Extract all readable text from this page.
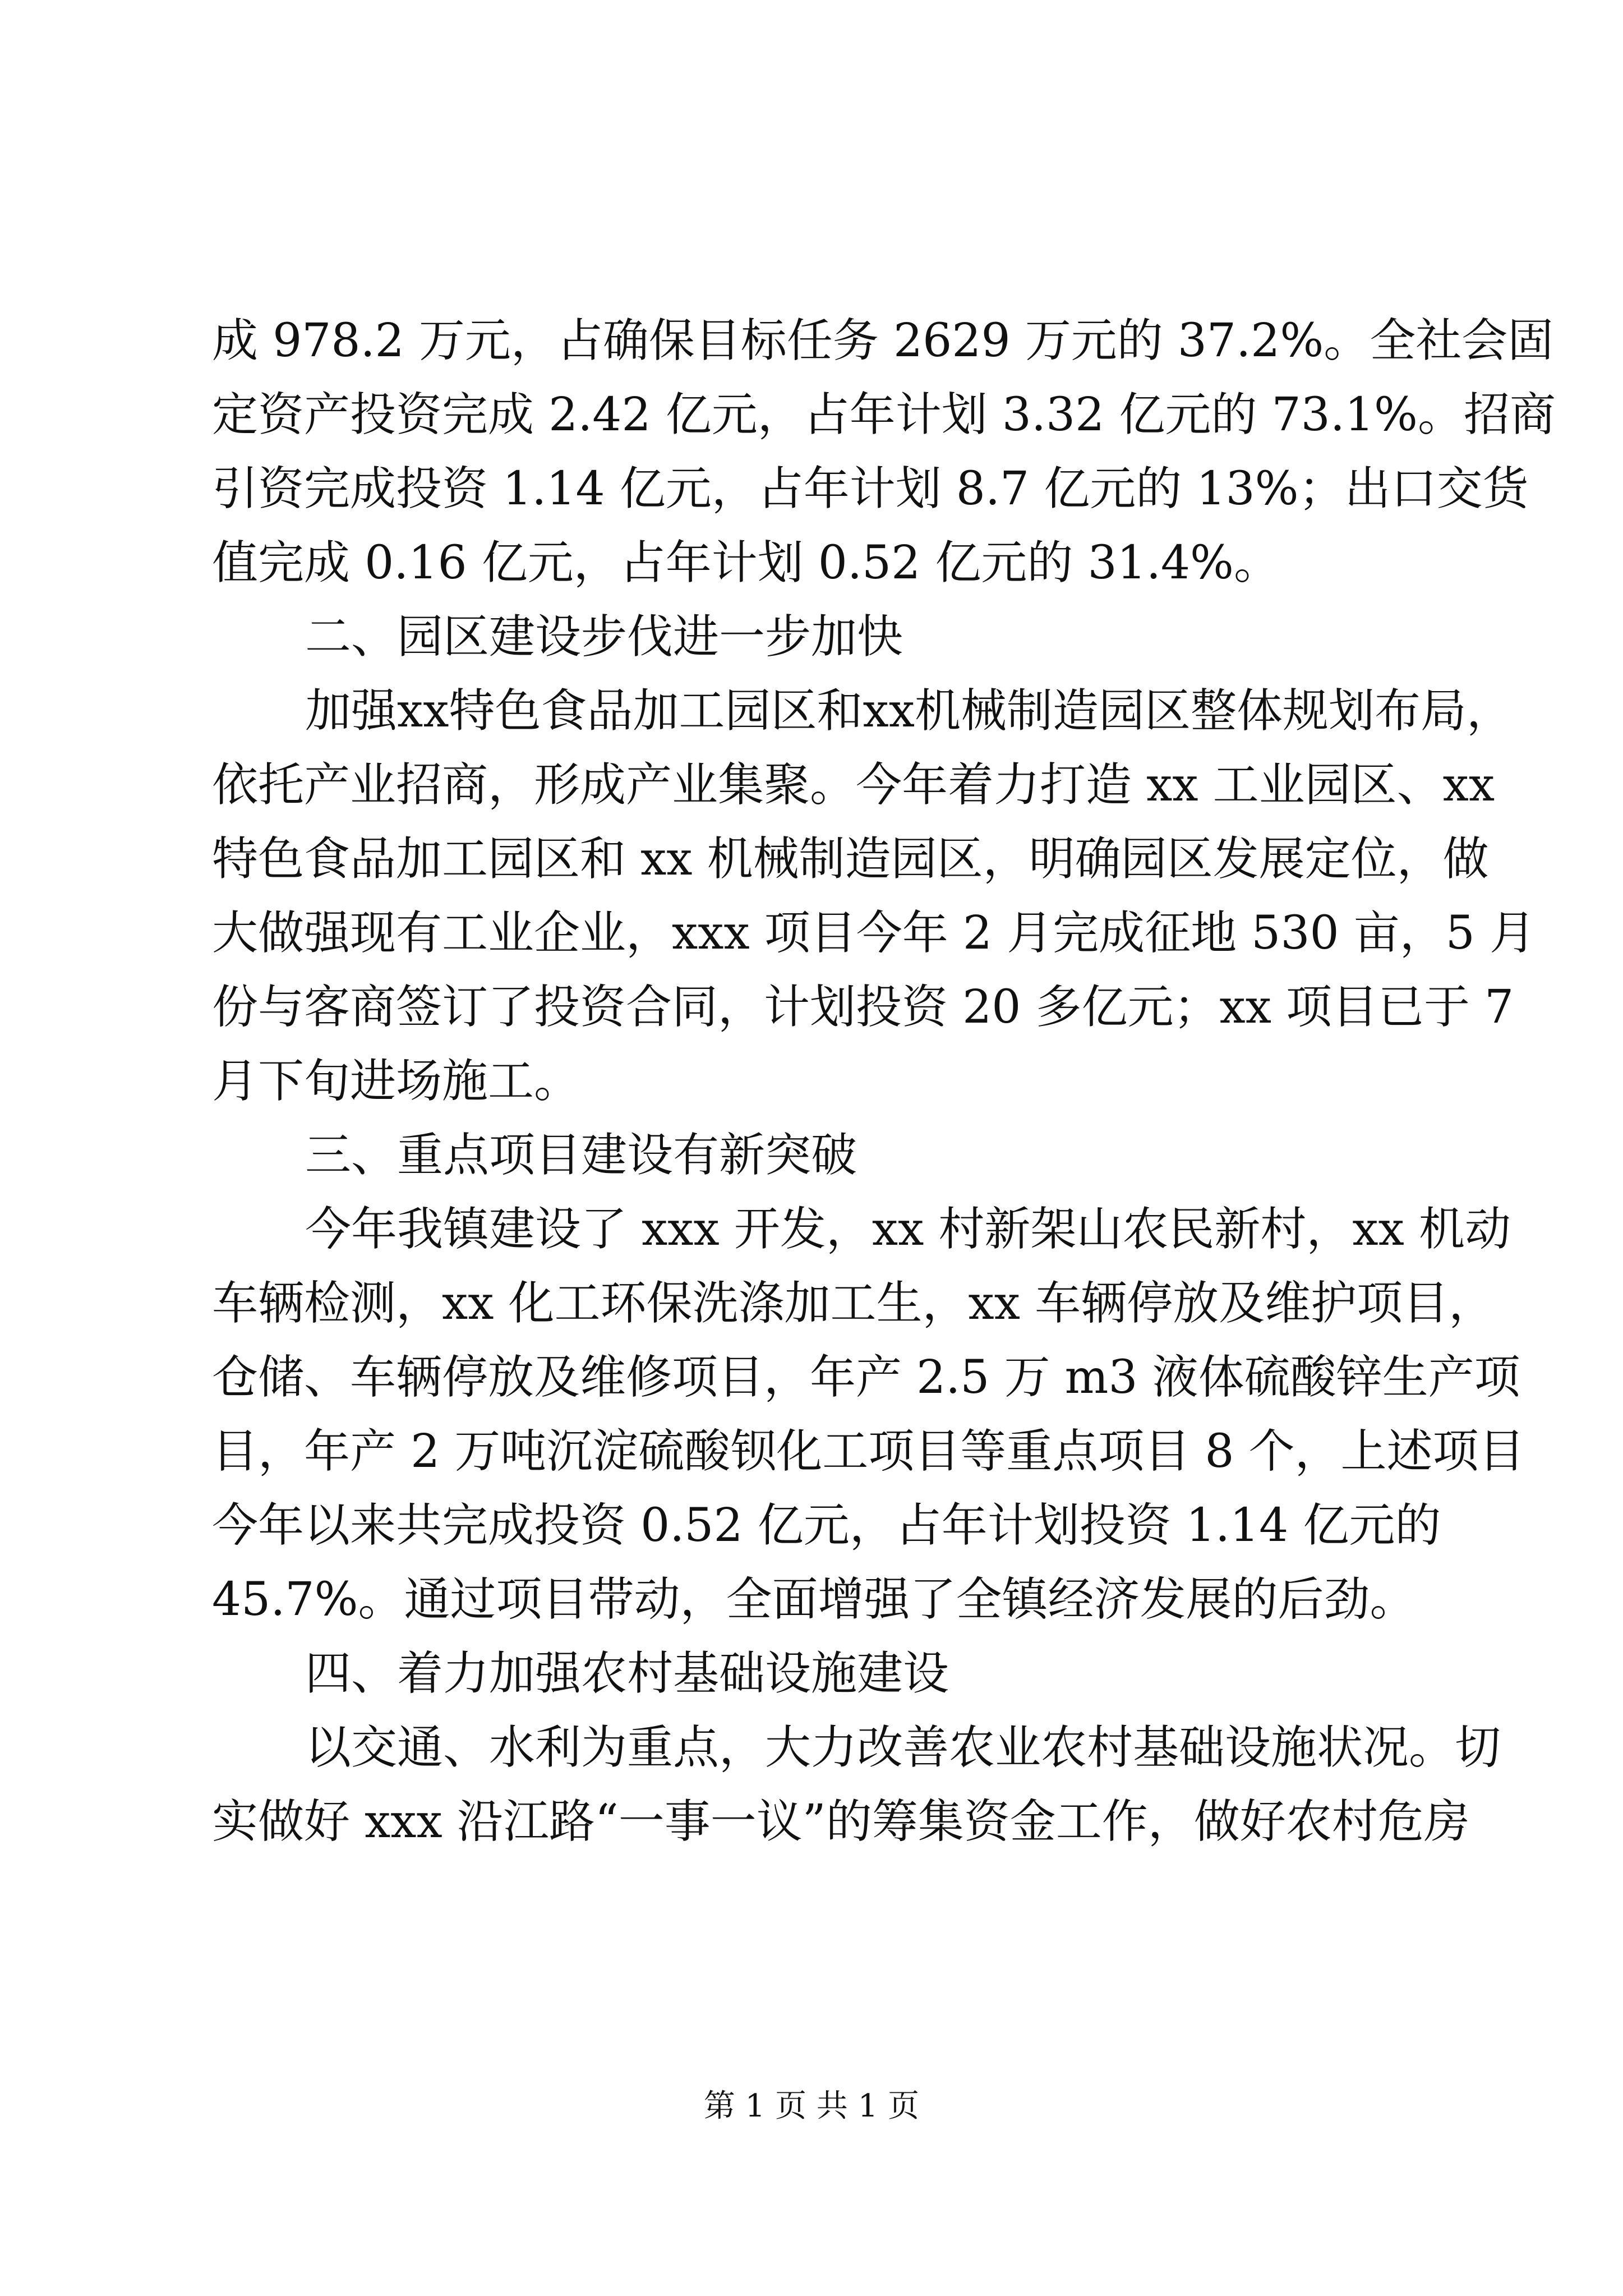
成 978.2 万元，占确保目标任务 2629 万元的 37.2%。全社会固
定资产投资完成 2.42 亿元，占年计划 3.32 亿元的 73.1%。招商
引资完成投资 1.14 亿元，占年计划 8.7 亿元的 13%；出口交货
值完成 0.16 亿元，占年计划 0.52 亿元的 31.4%。
二、园区建设步伐进一步加快
加强xx特色食品加工园区和xx机械制造园区整体规划布局，
依托产业招商，形成产业集聚。今年着力打造 xx 工业园区、xx
特色食品加工园区和 xx 机械制造园区，明确园区发展定位，做
大做强现有工业企业，xxx 项目今年 2 月完成征地 530 亩，5 月
份与客商签订了投资合同，计划投资 20 多亿元；xx 项目已于 7
月下旬进场施工。
三、重点项目建设有新突破
今年我镇建设了 xxx 开发，xx 村新架山农民新村，xx 机动
车辆检测，xx 化工环保洗涤加工生，xx 车辆停放及维护项目，
仓储、车辆停放及维修项目，年产 2.5 万 m3 液体硫酸锌生产项
目，年产 2 万吨沉淀硫酸钡化工项目等重点项目 8 个，上述项目
今年以来共完成投资 0.52 亿元，占年计划投资 1.14 亿元的
45.7%。通过项目带动，全面增强了全镇经济发展的后劲。
四、着力加强农村基础设施建设
以交通、水利为重点，大力改善农业农村基础设施状况。切
实做好 xxx 沿江路“一事一议”的筹集资金工作，做好农村危房
第 1 页 共 1 页
